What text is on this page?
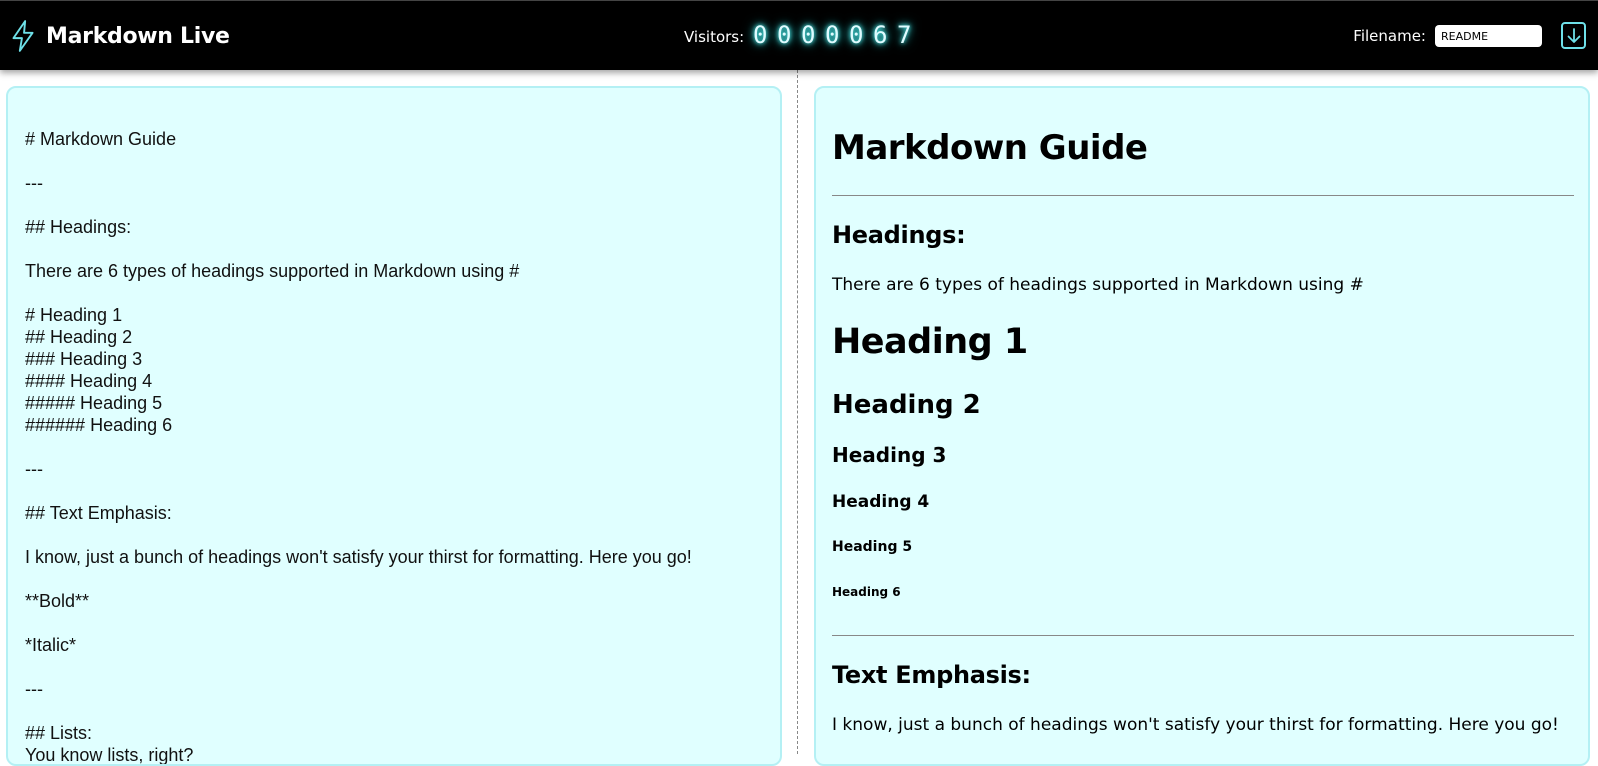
Markdown Live	Visitors: 0 0 0 0 0 6 7	Filename:
README
# Markdown Guide --- ## Headings: There are 6 types of headings supported in Markdown using # # Heading 1 ## Heading 2 ### Heading 3 #### Heading 4 ##### Heading 5 ###### Heading 6 --- ## Text Emphasis: I know, just a bunch of headings won't satisfy your thirst for formatting. Here you go! **Bold** *Italic* --- ## Lists: You know lists, right?
Markdown Guide
Headings:
There are 6 types of headings supported in Markdown using #
Heading 1
Heading 2
Heading 3
Heading 4
Heading 5
Heading 6
Text Emphasis:
I know, just a bunch of headings won't satisfy your thirst for formatting. Here you go!
